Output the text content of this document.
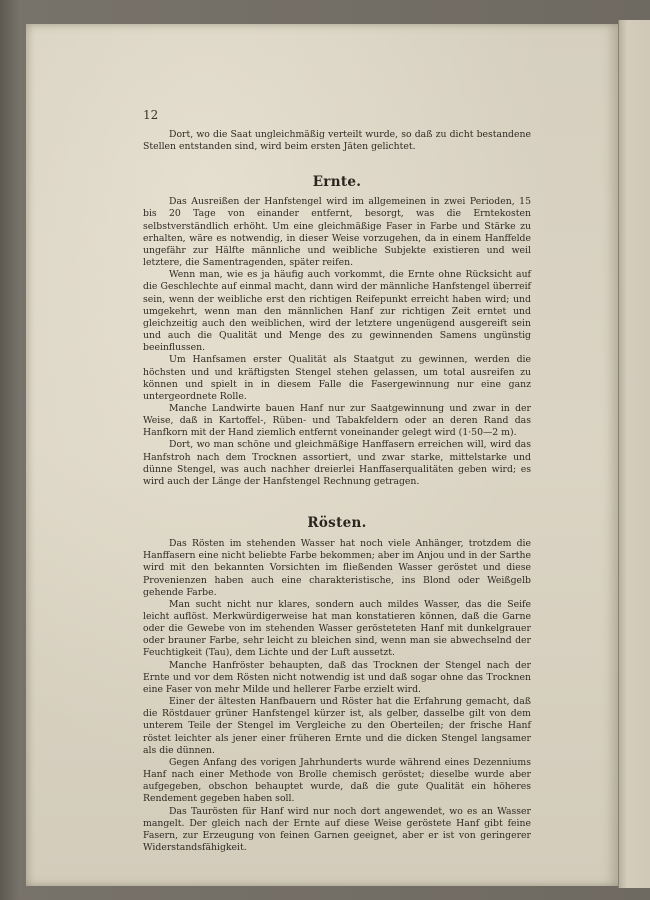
12

Dort, wo die Saat ungleichmäßig verteilt wurde, so daß zu dicht bestandene Stellen entstanden sind, wird beim ersten Jäten gelichtet.

Ernte.

Das Ausreißen der Hanfstengel wird im allgemeinen in zwei Perioden, 15 bis 20 Tage von einander entfernt, besorgt, was die Erntekosten selbstverständlich erhöht. Um eine gleichmäßige Faser in Farbe und Stärke zu erhalten, wäre es notwendig, in dieser Weise vorzugehen, da in einem Hanffelde ungefähr zur Hälfte männliche und weibliche Subjekte existieren und weil letztere, die Samentragenden, später reifen.

Wenn man, wie es ja häufig auch vorkommt, die Ernte ohne Rücksicht auf die Geschlechte auf einmal macht, dann wird der männliche Hanfstengel überreif sein, wenn der weibliche erst den richtigen Reifepunkt erreicht haben wird; und umgekehrt, wenn man den männlichen Hanf zur richtigen Zeit erntet und gleichzeitig auch den weiblichen, wird der letztere ungenügend ausgereift sein und auch die Qualität und Menge des zu gewinnenden Samens ungünstig beeinflussen.

Um Hanfsamen erster Qualität als Staatgut zu gewinnen, werden die höchsten und und kräftigsten Stengel stehen gelassen, um total ausreifen zu können und spielt in in diesem Falle die Fasergewinnung nur eine ganz untergeordnete Rolle.

Manche Landwirte bauen Hanf nur zur Saatgewinnung und zwar in der Weise, daß in Kartoffel-, Rüben- und Tabakfeldern oder an deren Rand das Hanfkorn mit der Hand ziemlich entfernt voneinander gelegt wird (1·50—2 m).

Dort, wo man schöne und gleichmäßige Hanffasern erreichen will, wird das Hanfstroh nach dem Trocknen assortiert, und zwar starke, mittelstarke und dünne Stengel, was auch nachher dreierlei Hanffaserqualitäten geben wird; es wird auch der Länge der Hanfstengel Rechnung getragen.

Rösten.

Das Rösten im stehenden Wasser hat noch viele Anhänger, trotzdem die Hanffasern eine nicht beliebte Farbe bekommen; aber im Anjou und in der Sarthe wird mit den bekannten Vorsichten im fließenden Wasser geröstet und diese Provenienzen haben auch eine charakteristische, ins Blond oder Weißgelb gehende Farbe.

Man sucht nicht nur klares, sondern auch mildes Wasser, das die Seife leicht auflöst. Merkwürdigerweise hat man konstatieren können, daß die Garne oder die Gewebe von im stehenden Wasser gerösteteten Hanf mit dunkelgrauer oder brauner Farbe, sehr leicht zu bleichen sind, wenn man sie abwechselnd der Feuchtigkeit (Tau), dem Lichte und der Luft aussetzt.

Manche Hanfröster behaupten, daß das Trocknen der Stengel nach der Ernte und vor dem Rösten nicht notwendig ist und daß sogar ohne das Trocknen eine Faser von mehr Milde und hellerer Farbe erzielt wird.

Einer der ältesten Hanfbauern und Röster hat die Erfahrung gemacht, daß die Röstdauer grüner Hanfstengel kürzer ist, als gelber, dasselbe gilt von dem unterem Teile der Stengel im Vergleiche zu den Oberteilen; der frische Hanf röstet leichter als jener einer früheren Ernte und die dicken Stengel langsamer als die dünnen.

Gegen Anfang des vorigen Jahrhunderts wurde während eines Dezenniums Hanf nach einer Methode von Brolle chemisch geröstet; dieselbe wurde aber aufgegeben, obschon behauptet wurde, daß die gute Qualität ein höheres Rendement gegeben haben soll.

Das Taurösten für Hanf wird nur noch dort angewendet, wo es an Wasser mangelt. Der gleich nach der Ernte auf diese Weise geröstete Hanf gibt feine Fasern, zur Erzeugung von feinen Garnen geeignet, aber er ist von geringerer Widerstandsfähigkeit.
